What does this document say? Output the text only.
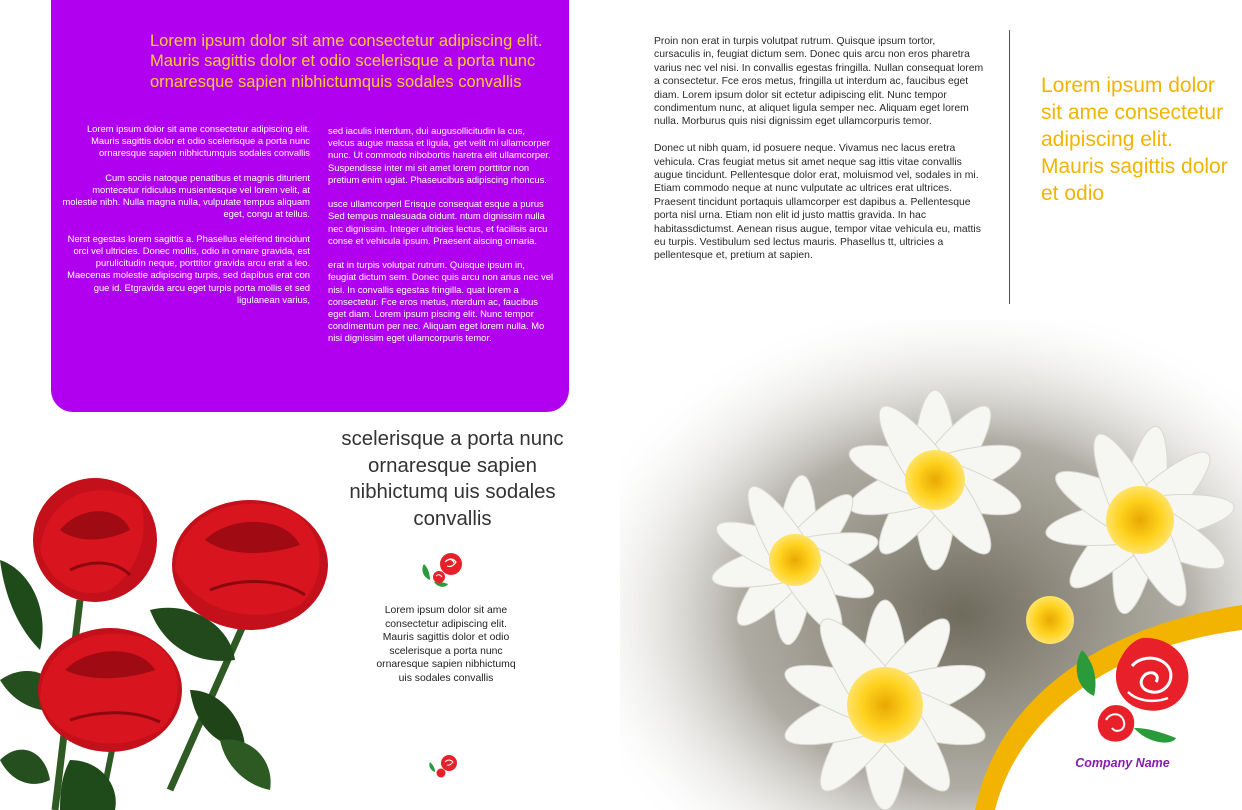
Lorem ipsum dolor sit ame consectetur adipiscing elit. Mauris sagittis dolor et odio scelerisque a porta nunc ornaresque sapien nibhictumquis sodales convallis

Lorem ipsum dolor sit ame consectetur adipiscing elit. Mauris sagittis dolor et odio scelerisque a porta nunc ornaresque sapien nibhictumquis sodales convallis

Cum sociis natoque penatibus et magnis diturient montecetur ridiculus musientesque vel lorem velit, at molestie nibh. Nulla magna nulla, vulputate tempus aliquam eget, congu at tellus.

Nerst egestas lorem sagittis a. Phasellus eleifend tincidunt orci vel ultricies. Donec mollis, odio in ornare gravida, est purulicitudin neque, porttitor gravida arcu erat a leo. Maecenas molestie adipiscing turpis, sed dapibus erat con gue id. Etgravida arcu eget turpis porta mollis et sed ligulanean varius,

sed iaculis interdum, dui augusollicitudin la cus, velcus augue massa et ligula, get velit mi ullamcorper nunc. Ut commodo nibobortis haretra elit ullamcorper. Suspendisse inter mi sit amet lorem porttitor non pretium enim ugiat. Phaseucibus adipiscing rhoncus.

usce ullamcorperl Erisque consequat esque a purus Sed tempus malesuada oidunt. ntum dignissim nulla nec dignissim. Integer ultricies lectus, et facilisis arcu conse et vehicula ipsum. Praesent aiscing ornaria.

erat in turpis volutpat rutrum. Quisque ipsum in, feugiat dictum sem. Donec quis arcu non arius nec vel nisi. In convallis egestas fringilla. quat lorem a consectetur. Fce eros metus, nterdum ac, faucibus eget diam. Lorem ipsum piscing elit. Nunc tempor condimentum per nec. Aliquam eget lorem nulla. Mo nisi dignissim eget ullamcorpuris temor.

Proin non erat in turpis volutpat rutrum. Quisque ipsum tortor, cursaculis in, feugiat dictum sem. Donec quis arcu non eros pharetra varius nec vel nisi. In convallis egestas fringilla. Nullan consequat lorem a consectetur. Fce eros metus, fringilla ut interdum ac, faucibus eget diam. Lorem ipsum dolor sit ectetur adipiscing elit. Nunc tempor condimentum nunc, at aliquet ligula semper nec. Aliquam eget lorem nulla. Morburus quis nisi dignissim eget ullamcorpuris temor.

Donec ut nibh quam, id posuere neque. Vivamus nec lacus eretra vehicula. Cras feugiat metus sit amet neque sag ittis vitae convallis augue tincidunt. Pellentesque dolor erat, moluismod vel, sodales in mi. Etiam commodo neque at nunc vulputate ac ultrices erat ultrices. Praesent tincidunt portaquis ullamcorper est dapibus a. Pellentesque porta nisl urna. Etiam non elit id justo mattis gravida. In hac habitassdictumst. Aenean risus augue, tempor vitae vehicula eu, mattis eu turpis. Vestibulum sed lectus mauris. Phasellus tt, ultricies a pellentesque et, pretium at sapien.

Lorem ipsum dolor sit ame consectetur adipiscing elit. Mauris sagittis dolor et odio
scelerisque a porta nunc ornaresque sapien nibhictumq uis sodales convallis
Lorem ipsum dolor sit ame consectetur adipiscing elit. Mauris sagittis dolor et odio scelerisque a porta nunc ornaresque sapien nibhictumq uis sodales convallis
Company Name
